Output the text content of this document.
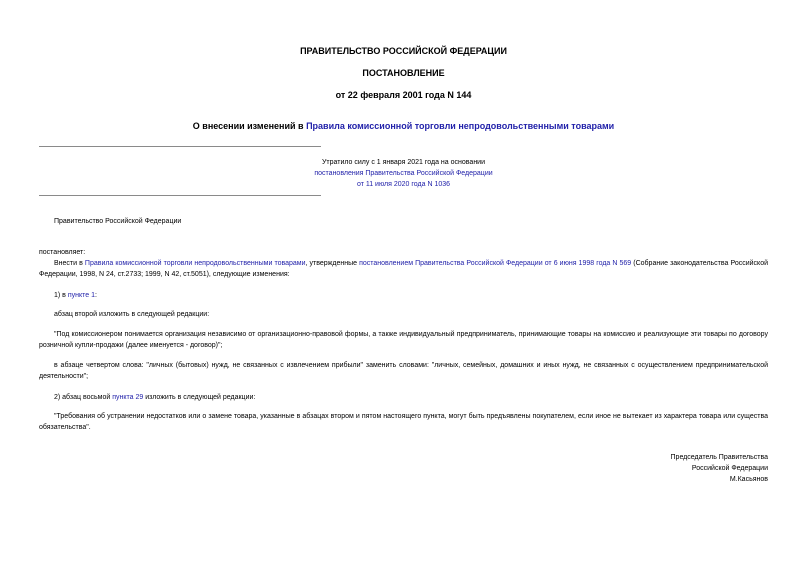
ПРАВИТЕЛЬСТВО РОССИЙСКОЙ ФЕДЕРАЦИИ
ПОСТАНОВЛЕНИЕ
от 22 февраля 2001 года N 144
О внесении изменений в Правила комиссионной торговли непродовольственными товарами
Утратило силу с 1 января 2021 года на основании
постановления Правительства Российской Федерации
от 11 июля 2020 года N 1036
Правительство Российской Федерации
постановляет:
Внести в Правила комиссионной торговли непродовольственными товарами, утвержденные постановлением Правительства Российской Федерации от 6 июня 1998 года N 569 (Собрание законодательства Российской Федерации, 1998, N 24, ст.2733; 1999, N 42, ст.5051), следующие изменения:
1) в пункте 1:
абзац второй изложить в следующей редакции:
"Под комиссионером понимается организация независимо от организационно-правовой формы, а также индивидуальный предприниматель, принимающие товары на комиссию и реализующие эти товары по договору розничной купли-продажи (далее именуется - договор)";
в абзаце четвертом слова: "личных (бытовых) нужд, не связанных с извлечением прибыли" заменить словами: "личных, семейных, домашних и иных нужд, не связанных с осуществлением предпринимательской деятельности";
2) абзац восьмой пункта 29 изложить в следующей редакции:
"Требования об устранении недостатков или о замене товара, указанные в абзацах втором и пятом настоящего пункта, могут быть предъявлены покупателем, если иное не вытекает из характера товара или существа обязательства".
Председатель Правительства
Российской Федерации
М.Касьянов
